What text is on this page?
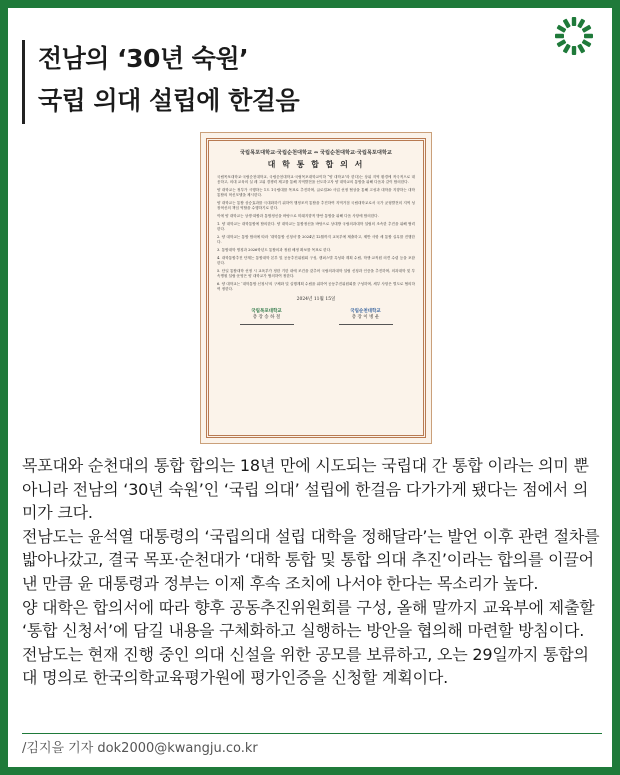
전남의 ‘30년 숙원’
국립 의대 설립에 한걸음
국립목포대학교·국립순천대학교 ⇔ 국립순천대학교·국립목포대학교
대 학 통 합 합 의 서

국립목포대학교·국립순천대학교, 국립순천대학교·국립목포대학교이하 “양 대학교”라 한다)는 상위 지역 환경에 적극적으로 대응하고, 의대 교육의 실 레 고위 경쟁력 제고를 통해 지역발전을 선도하고자 양 대학교의 통합을 위해 다음과 같이 합의한다.

양 대학교는 정부가 시행하는 1도 1국립대를 목표로 추진하며, 글로컬30 사업 선정 협상을 통해 고성과 대학을 지향하는 대학통합의 혁신모델을 제시한다.

양 대학교는 통합 상승효과를 극대화하기 위하여 행정조직 통합을 추진하여 지역거점 국립대학교로서 국가 균형발전의 지역 성장혁신의 책임 역할을 수행하기로 한다.

이에 양 대학교는 상생·화합과 통합정신을 바탕으로 미래지향적 방안 통합을 위해 다음 사항에 합의한다.

1. 양 대학교는 대학통합에 합의한다. 양 대학교는 통합정신을 바탕으로 상대방 국립의과대학 설립의 조속한 추진을 위해 협력한다.

2. 양 대학교는 통합 합의에 따라 ‘대학통합 신청서’를 2024년 12월까지 교육부에 제출하고, 제반 사항 세 통합 실무를 진행한다.

3. 통합대학 명칭과 2026학년도 통합의과 정원 배정 확보를 목표로 한다.

4. 대학통합추진 단계는 통합대학 본부 및 공동추진위원회 구성, 캠퍼스별 특성화 계획 수립, 학생·교직원 의견 수렴 등을 포함한다.

5. 단일 통합대학 선정 시 교육부가 정한 기한 내에 조건을 갖추어 국립의과대학 설립 신청과 인증을 추진하며, 의과대학 및 부속병원 설립·운영은 양 대학교가 협의하여 정한다.

6. 양 대학교는 ‘대학통합 신청서’의 구체화 및 실행계획 수립을 위하여 공동추진위원회를 구성하며, 세부 사항은 별도로 협의하여 정한다.

2024년 11월 15일
국립목포대학교
총 장 송 하 철
국립순천대학교
총 장 이 병 운

목포대와 순천대의 통합 합의는 18년 만에 시도되는 국립대 간 통합 이라는 의미 뿐 아니라 전남의 ‘30년 숙원’인 ‘국립 의대’ 설립에 한걸음 다가가게 됐다는 점에서 의미가 크다.

전남도는 윤석열 대통령의 ‘국립의대 설립 대학을 정해달라’는 발언 이후 관련 절차를 밟아나갔고, 결국 목포·순천대가 ‘대학 통합 및 통합 의대 추진’이라는 합의를 이끌어낸 만큼 윤 대통령과 정부는 이제 후속 조치에 나서야 한다는 목소리가 높다.

양 대학은 합의서에 따라 향후 공동추진위원회를 구성, 올해 말까지 교육부에 제출할 ‘통합 신청서’에 담길 내용을 구체화하고 실행하는 방안을 협의해 마련할 방침이다.

전남도는 현재 진행 중인 의대 신설을 위한 공모를 보류하고, 오는 29일까지 통합의대 명의로 한국의학교육평가원에 평가인증을 신청할 계획이다.

/김지을 기자 dok2000@kwangju.co.kr
